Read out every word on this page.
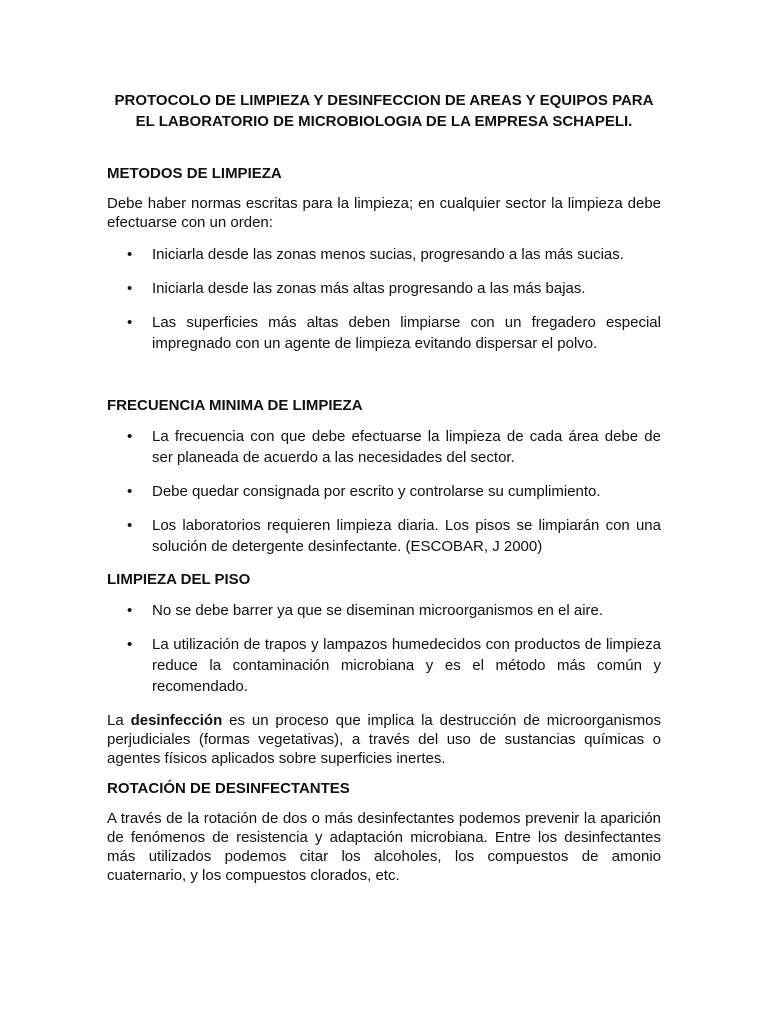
PROTOCOLO DE LIMPIEZA Y DESINFECCION DE AREAS Y EQUIPOS PARA
EL LABORATORIO DE MICROBIOLOGIA DE LA EMPRESA SCHAPELI.
METODOS DE LIMPIEZA

Debe haber normas escritas para la limpieza; en cualquier sector la limpieza debe efectuarse con un orden:

• Iniciarla desde las zonas menos sucias, progresando a las más sucias.
• Iniciarla desde las zonas más altas progresando a las más bajas.
• Las superficies más altas deben limpiarse con un fregadero especial impregnado con un agente de limpieza evitando dispersar el polvo.
FRECUENCIA MINIMA DE LIMPIEZA
• La frecuencia con que debe efectuarse la limpieza de cada área debe de ser planeada de acuerdo a las necesidades del sector.
• Debe quedar consignada por escrito y controlarse su cumplimiento.
• Los laboratorios requieren limpieza diaria. Los pisos se limpiarán con una solución de detergente desinfectante. (ESCOBAR, J 2000)
LIMPIEZA DEL PISO
• No se debe barrer ya que se diseminan microorganismos en el aire.
• La utilización de trapos y lampazos humedecidos con productos de limpieza reduce la contaminación microbiana y es el método más común y recomendado.

La desinfección es un proceso que implica la destrucción de microorganismos perjudiciales (formas vegetativas), a través del uso de sustancias químicas o agentes físicos aplicados sobre superficies inertes.

ROTACIÓN DE DESINFECTANTES

A través de la rotación de dos o más desinfectantes podemos prevenir la aparición de fenómenos de resistencia y adaptación microbiana. Entre los desinfectantes más utilizados podemos citar los alcoholes, los compuestos de amonio cuaternario, y los compuestos clorados, etc.
